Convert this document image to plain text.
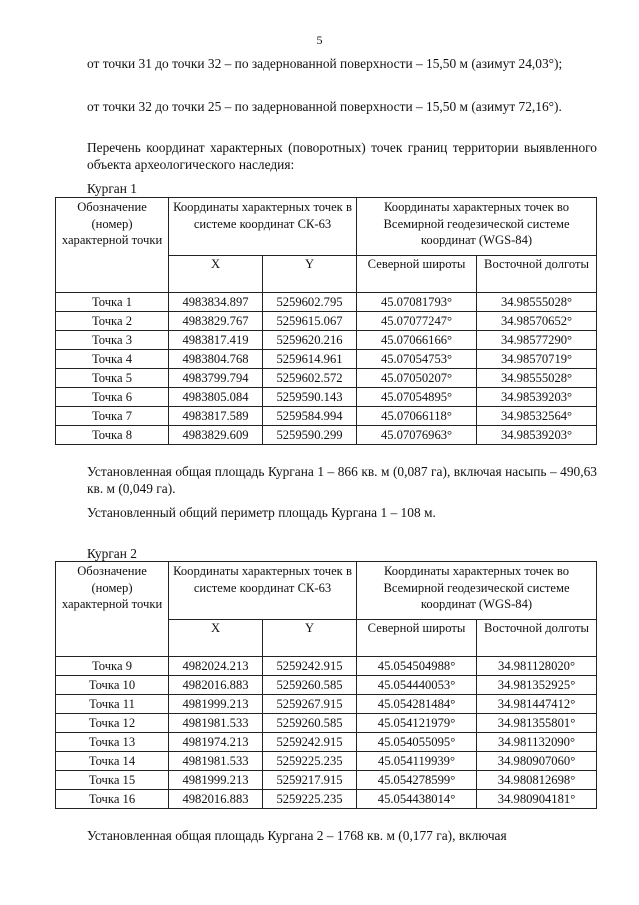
5
от точки 31 до точки 32 – по задернованной поверхности – 15,50 м (азимут 24,03°);
от точки 32 до точки 25 – по задернованной поверхности – 15,50 м (азимут 72,16°).
Перечень координат характерных (поворотных) точек границ территории выявленного объекта археологического наследия:
Курган 1
Обозначение (номер) характерной точки	Координаты характерных точек в системе координат СК-63		Координаты характерных точек во Всемирной геодезической системе координат (WGS-84)	
	X	Y	Северной широты	Восточной долготы
Точка 1	4983834.897	5259602.795	45.07081793°	34.98555028°
Точка 2	4983829.767	5259615.067	45.07077247°	34.98570652°
Точка 3	4983817.419	5259620.216	45.07066166°	34.98577290°
Точка 4	4983804.768	5259614.961	45.07054753°	34.98570719°
Точка 5	4983799.794	5259602.572	45.07050207°	34.98555028°
Точка 6	4983805.084	5259590.143	45.07054895°	34.98539203°
Точка 7	4983817.589	5259584.994	45.07066118°	34.98532564°
Точка 8	4983829.609	5259590.299	45.07076963°	34.98539203°
Установленная общая площадь Кургана 1 – 866 кв. м (0,087 га), включая насыпь – 490,63 кв. м (0,049 га).
Установленный общий периметр площадь Кургана 1 – 108 м.
Курган 2
Обозначение (номер) характерной точки	Координаты характерных точек в системе координат СК-63		Координаты характерных точек во Всемирной геодезической системе координат (WGS-84)	
	X	Y	Северной широты	Восточной долготы
Точка 9	4982024.213	5259242.915	45.054504988°	34.981128020°
Точка 10	4982016.883	5259260.585	45.054440053°	34.981352925°
Точка 11	4981999.213	5259267.915	45.054281484°	34.981447412°
Точка 12	4981981.533	5259260.585	45.054121979°	34.981355801°
Точка 13	4981974.213	5259242.915	45.054055095°	34.981132090°
Точка 14	4981981.533	5259225.235	45.054119939°	34.980907060°
Точка 15	4981999.213	5259217.915	45.054278599°	34.980812698°
Точка 16	4982016.883	5259225.235	45.054438014°	34.980904181°
Установленная общая площадь Кургана 2 – 1768 кв. м (0,177 га), включая
